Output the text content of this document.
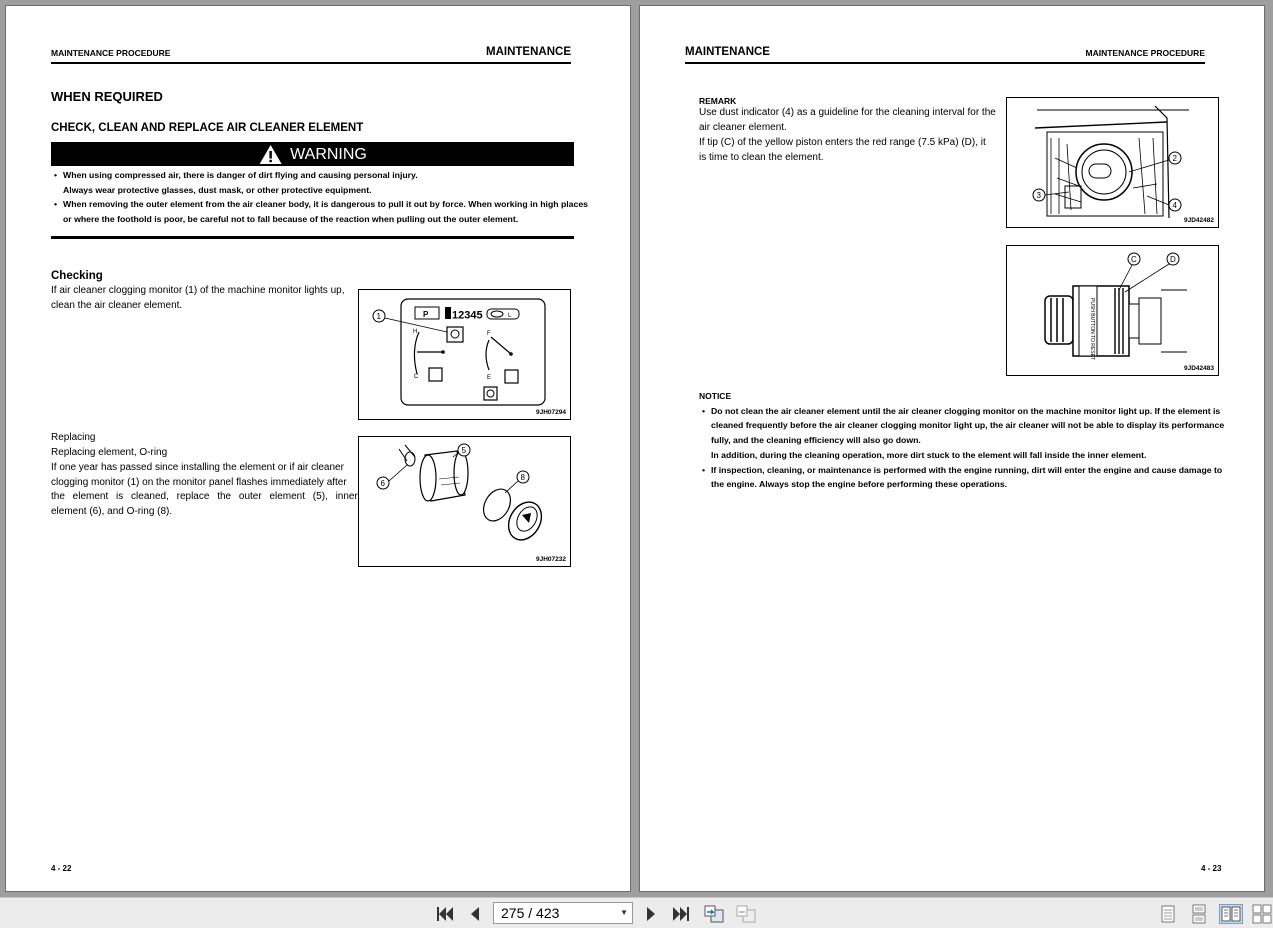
MAINTENANCE PROCEDURE	MAINTENANCE
WHEN REQUIRED
CHECK, CLEAN AND REPLACE AIR CLEANER ELEMENT
WARNING
• When using compressed air, there is danger of dirt flying and causing personal injury.
Always wear protective glasses, dust mask, or other protective equipment.
• When removing the outer element from the air cleaner body, it is dangerous to pull it out by force. When working in high places
or where the foothold is poor, be careful not to fall because of the reaction when pulling out the outer element.
Checking
If air cleaner clogging monitor (1) of the machine monitor lights up,
clean the air cleaner element.
P 12345	L
1
H
C
F
E
9JH07294
Replacing
Replacing element, O-ring
If one year has passed since installing the element or if air cleaner
clogging monitor (1) on the monitor panel flashes immediately after
the element is cleaned, replace the outer element (5), inner
element (6), and O-ring (8).
6
5
8
9JH07232
4 - 22
MAINTENANCE	MAINTENANCE PROCEDURE
REMARK
Use dust indicator (4) as a guideline for the cleaning interval for the
air cleaner element.
If tip (C) of the yellow piston enters the red range (7.5 kPa) (D), it
is time to clean the element.	2
3
4
9JD42482
PUSH BUTTON TO RESET
C	D
9JD42483
NOTICE
• Do not clean the air cleaner element until the air cleaner clogging monitor on the machine monitor light up. If the element is
cleaned frequently before the air cleaner clogging monitor light up, the air cleaner will not be able to display its performance
fully, and the cleaning efficiency will also go down.
In addition, during the cleaning operation, more dirt stuck to the element will fall inside the inner element.
• If inspection, cleaning, or maintenance is performed with the engine running, dirt will enter the engine and cause damage to
the engine. Always stop the engine before performing these operations.
4 - 23
275 / 423	▼
